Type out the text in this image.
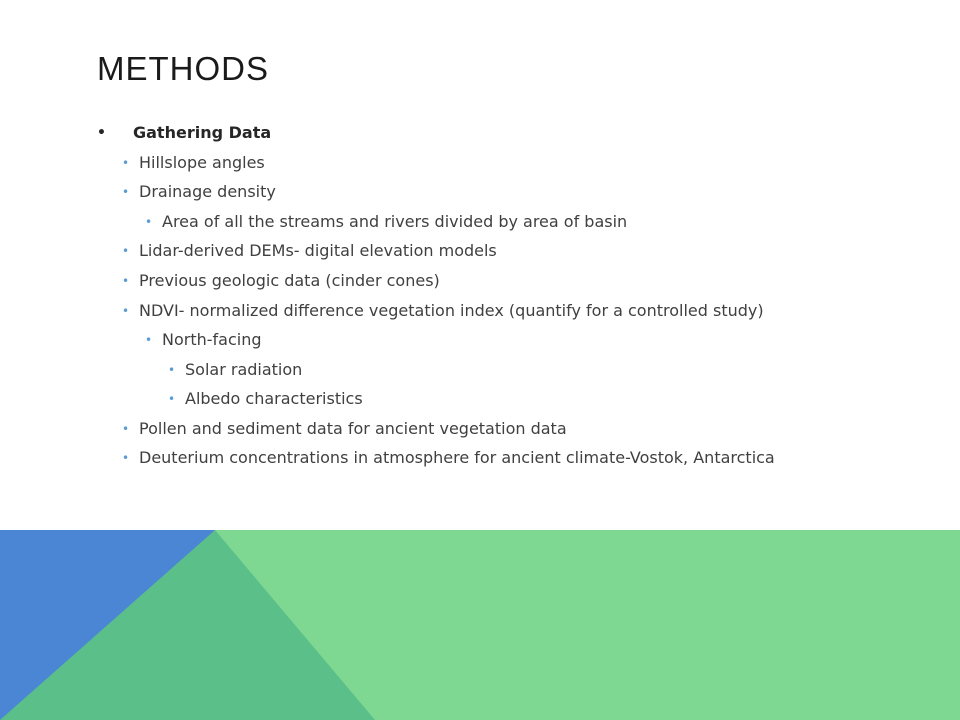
METHODS
• Gathering Data
• Hillslope angles
• Drainage density
• Area of all the streams and rivers divided by area of basin
• Lidar-derived DEMs- digital elevation models
• Previous geologic data (cinder cones)
• NDVI- normalized difference vegetation index (quantify for a controlled study)
• North-facing
• Solar radiation
• Albedo characteristics
• Pollen and sediment data for ancient vegetation data
• Deuterium concentrations in atmosphere for ancient climate-Vostok, Antarctica
